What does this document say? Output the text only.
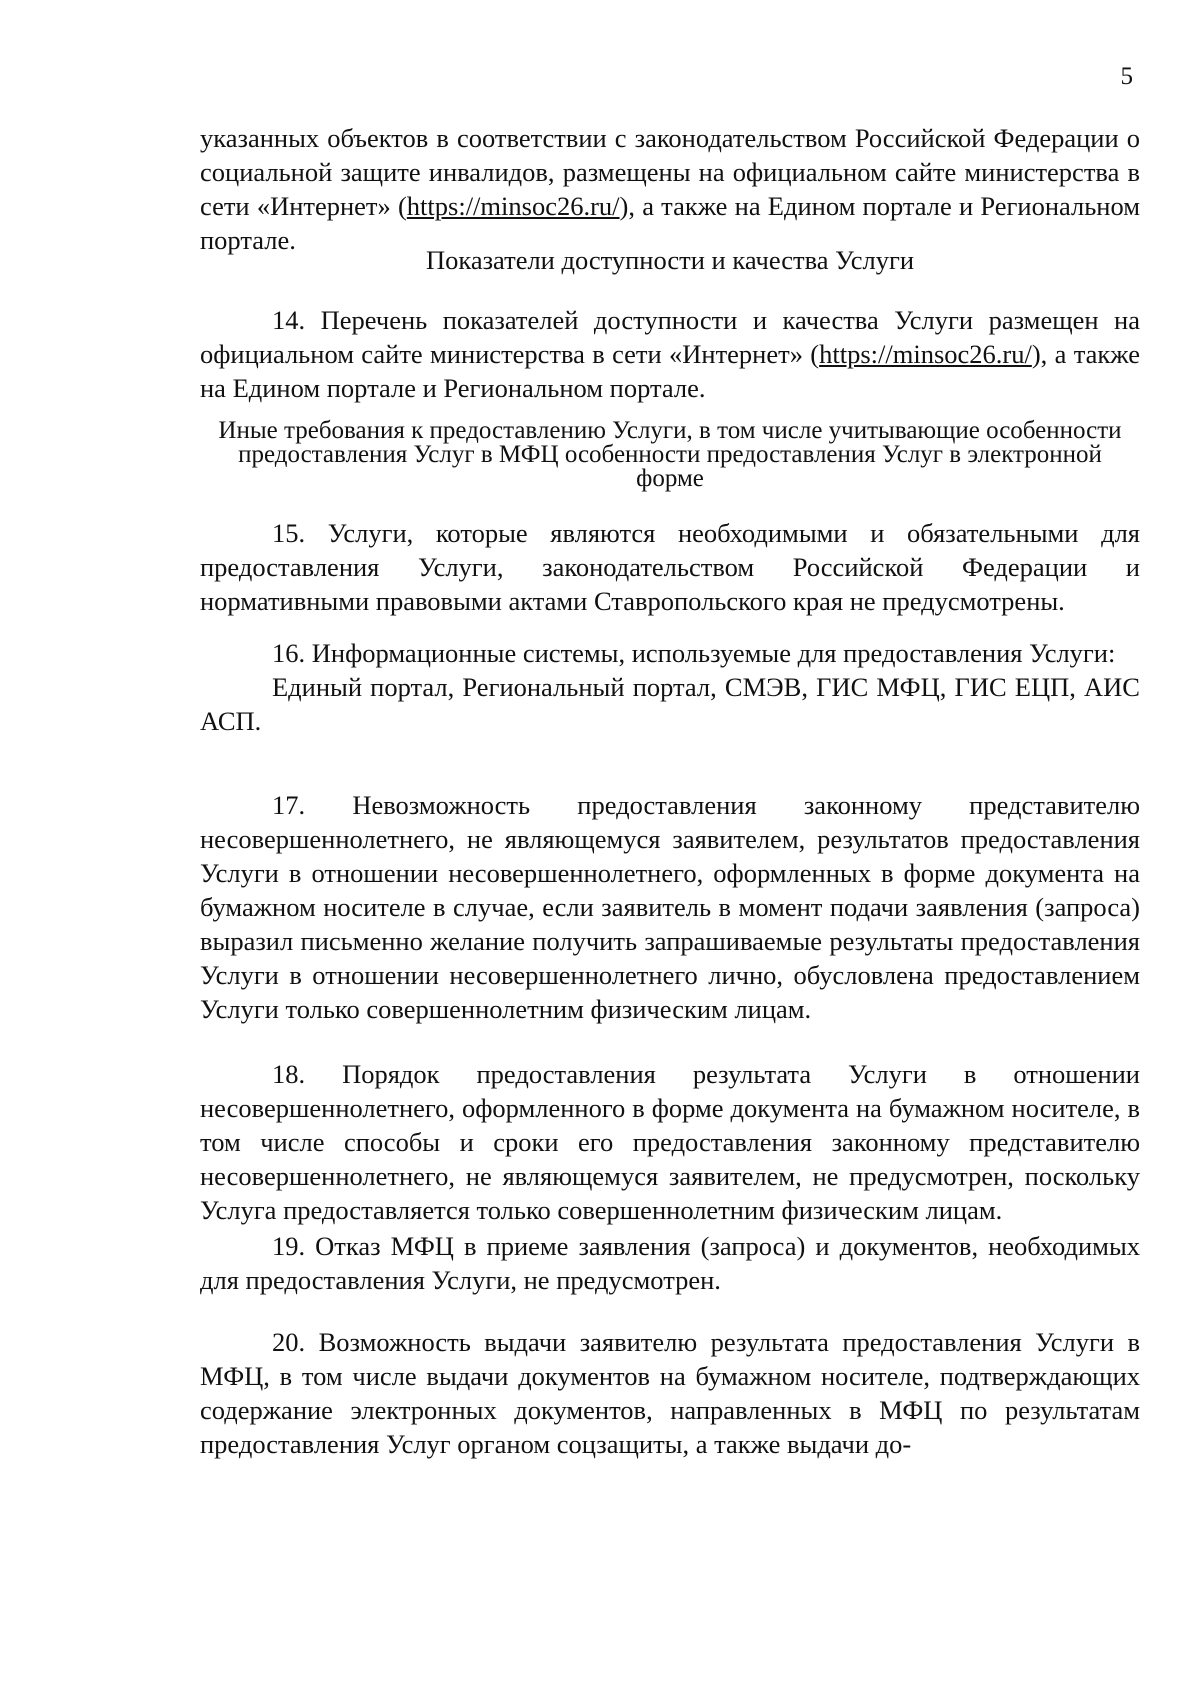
5

указанных объектов в соответствии с законодательством Российской Федерации о социальной защите инвалидов, размещены на официальном сайте министерства в сети «Интернет» (https://minsoc26.ru/), а также на Едином портале и Региональном портале.

Показатели доступности и качества Услуги

14. Перечень показателей доступности и качества Услуги размещен на официальном сайте министерства в сети «Интернет» (https://minsoc26.ru/), а также на Едином портале и Региональном портале.

Иные требования к предоставлению Услуги, в том числе учитывающие особенности предоставления Услуг в МФЦ особенности предоставления Услуг в электронной форме

15. Услуги, которые являются необходимыми и обязательными для предоставления Услуги, законодательством Российской Федерации и нормативными правовыми актами Ставропольского края не предусмотрены.

16. Информационные системы, используемые для предоставления Услуги:

Единый портал, Региональный портал, СМЭВ, ГИС МФЦ, ГИС ЕЦП, АИС АСП.

17. Невозможность предоставления законному представителю несовершеннолетнего, не являющемуся заявителем, результатов предоставления Услуги в отношении несовершеннолетнего, оформленных в форме документа на бумажном носителе в случае, если заявитель в момент подачи заявления (запроса) выразил письменно желание получить запрашиваемые результаты предоставления Услуги в отношении несовершеннолетнего лично, обусловлена предоставлением Услуги только совершеннолетним физическим лицам.

18. Порядок предоставления результата Услуги в отношении несовершеннолетнего, оформленного в форме документа на бумажном носителе, в том числе способы и сроки его предоставления законному представителю несовершеннолетнего, не являющемуся заявителем, не предусмотрен, поскольку Услуга предоставляется только совершеннолетним физическим лицам.

19. Отказ МФЦ в приеме заявления (запроса) и документов, необходимых для предоставления Услуги, не предусмотрен.

20. Возможность выдачи заявителю результата предоставления Услуги в МФЦ, в том числе выдачи документов на бумажном носителе, подтверждающих содержание электронных документов, направленных в МФЦ по результатам предоставления Услуг органом соцзащиты, а также выдачи до-
